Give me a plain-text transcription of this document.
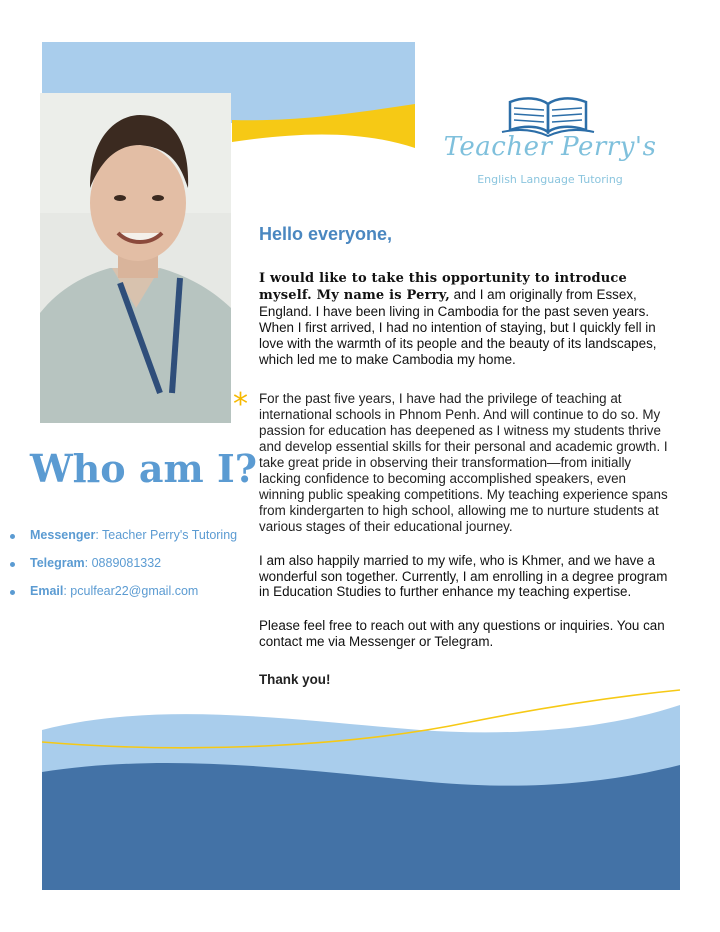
Teacher Perry's
English Language Tutoring
Who am I?
Messenger: Teacher Perry's Tutoring
Telegram: 0889081332
Email: pculfear22@gmail.com
*
Hello everyone,

I would like to take this opportunity to introduce myself. My name is Perry, and I am originally from Essex, England. I have been living in Cambodia for the past seven years. When I first arrived, I had no intention of staying, but I quickly fell in love with the warmth of its people and the beauty of its landscapes, which led me to make Cambodia my home.

For the past five years, I have had the privilege of teaching at international schools in Phnom Penh. And will continue to do so. My passion for education has deepened as I witness my students thrive and develop essential skills for their personal and academic growth. I take great pride in observing their transformation—from initially lacking confidence to becoming accomplished speakers, even winning public speaking competitions. My teaching experience spans from kindergarten to high school, allowing me to nurture students at various stages of their educational journey.

I am also happily married to my wife, who is Khmer, and we have a wonderful son together. Currently, I am enrolling in a degree program in Education Studies to further enhance my teaching expertise.

Please feel free to reach out with any questions or inquiries. You can contact me via Messenger or Telegram.

Thank you!
